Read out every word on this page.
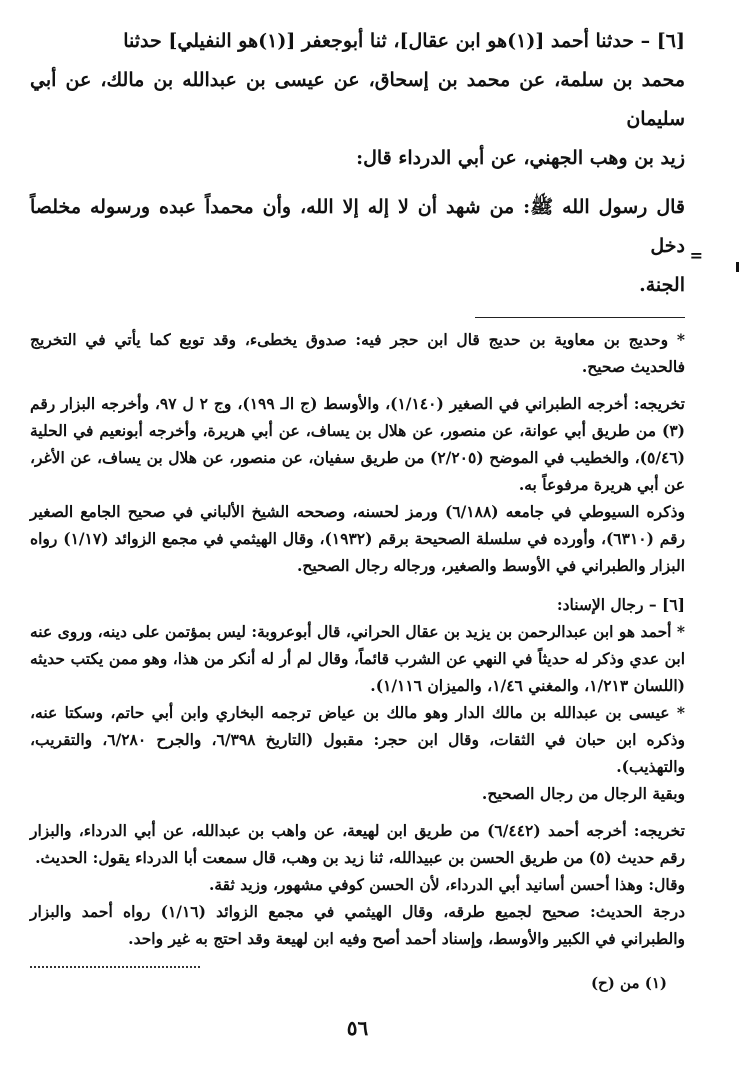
[٦] – حدثنا أحمد [(١)هو ابن عقال]، ثنا أبوجعفر [(١)هو النفيلي] حدثنا

محمد بن سلمة، عن محمد بن إسحاق، عن عيسى بن عبدالله بن مالك، عن أبي سليمان

زيد بن وهب الجهني، عن أبي الدرداء قال:

قال رسول الله ﷺ: من شهد أن لا إله إلا الله، وأن محمداً عبده ورسوله مخلصاً دخل

الجنة.

* وحديج بن معاوية بن حديج قال ابن حجر فيه: صدوق يخطىء، وقد توبع كما يأتي في التخريج فالحديث صحيح.

تخريجه: أخرجه الطبراني في الصغير (١/١٤٠)، والأوسط (ج الـ ١٩٩)، وج ٢ ل ٩٧، وأخرجه البزار رقم (٣) من طريق أبي عوانة، عن منصور، عن هلال بن يساف، عن أبي هريرة، وأخرجه أبونعيم في الحلية (٥/٤٦)، والخطيب في الموضح (٢/٢٠٥) من طريق سفيان، عن منصور، عن هلال بن يساف، عن الأغر، عن أبي هريرة مرفوعاً به.

وذكره السيوطي في جامعه (٦/١٨٨) ورمز لحسنه، وصححه الشيخ الألباني في صحيح الجامع الصغير رقم (٦٣١٠)، وأورده في سلسلة الصحيحة برقم (١٩٣٢)، وقال الهيثمي في مجمع الزوائد (١/١٧) رواه البزار والطبراني في الأوسط والصغير، ورجاله رجال الصحيح.

[٦] – رجال الإسناد:

* أحمد هو ابن عبدالرحمن بن يزيد بن عقال الحراني، قال أبوعروبة: ليس بمؤتمن على دينه، وروى عنه ابن عدي وذكر له حديثاً في النهي عن الشرب قائماً، وقال لم أر له أنكر من هذا، وهو ممن يكتب حديثه (اللسان ١/٢١٣، والمغني ١/٤٦، والميزان ١/١١٦).

* عيسى بن عبدالله بن مالك الدار وهو مالك بن عياض ترجمه البخاري وابن أبي حاتم، وسكتا عنه، وذكره ابن حبان في الثقات، وقال ابن حجر: مقبول (التاريخ ٦/٣٩٨، والجرح ٦/٢٨٠، والتقريب، والتهذيب).

وبقية الرجال من رجال الصحيح.

تخريجه: أخرجه أحمد (٦/٤٤٢) من طريق ابن لهيعة، عن واهب بن عبدالله، عن أبي الدرداء، والبزار رقم حديث (٥) من طريق الحسن بن عبيدالله، ثنا زيد بن وهب، قال سمعت أبا الدرداء يقول: الحديث.

وقال: وهذا أحسن أسانيد أبي الدرداء، لأن الحسن كوفي مشهور، وزيد ثقة.

درجة الحديث: صحيح لجميع طرقه، وقال الهيثمي في مجمع الزوائد (١/١٦) رواه أحمد والبزار والطبراني في الكبير والأوسط، وإسناد أحمد أصح وفيه ابن لهيعة وقد احتج به غير واحد.

(١) من (ح)
٥٦
=
